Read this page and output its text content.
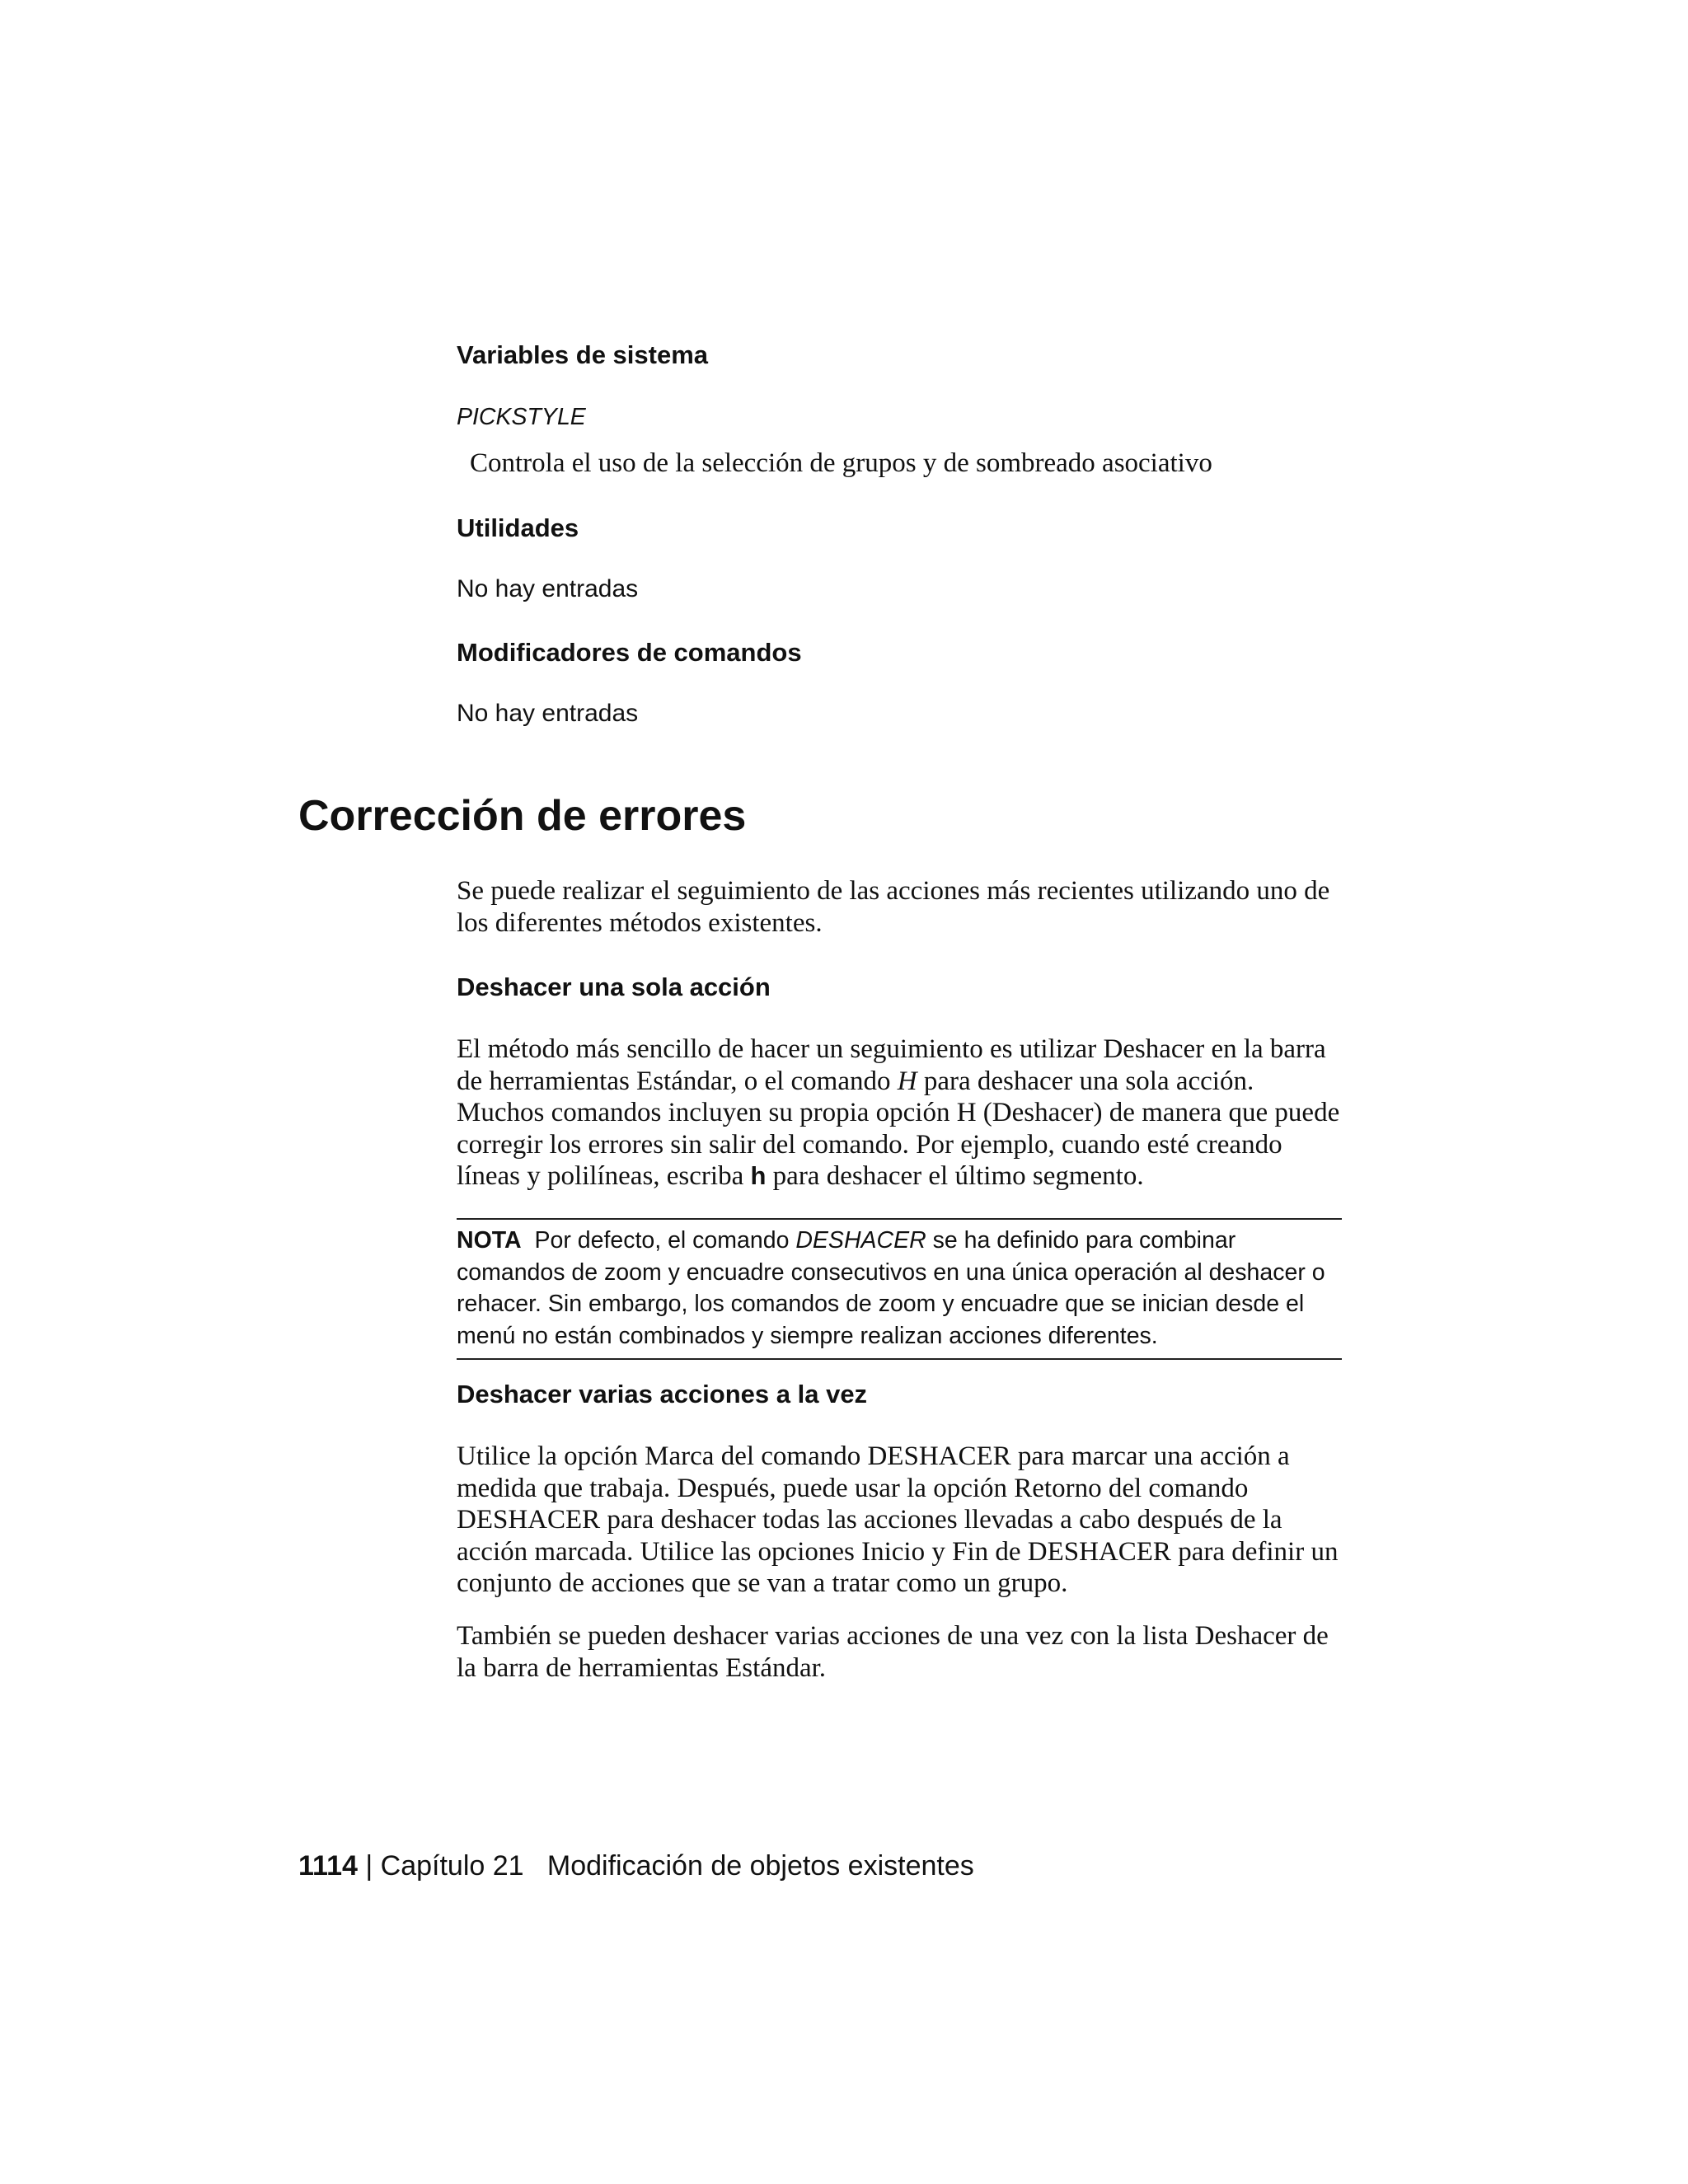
Variables de sistema

PICKSTYLE

Controla el uso de la selección de grupos y de sombreado asociativo

Utilidades

No hay entradas

Modificadores de comandos

No hay entradas

Corrección de errores

Se puede realizar el seguimiento de las acciones más recientes utilizando uno de los diferentes métodos existentes.

Deshacer una sola acción

El método más sencillo de hacer un seguimiento es utilizar Deshacer en la barra de herramientas Estándar, o el comando H para deshacer una sola acción. Muchos comandos incluyen su propia opción H (Deshacer) de manera que puede corregir los errores sin salir del comando. Por ejemplo, cuando esté creando líneas y polilíneas, escriba h para deshacer el último segmento.

NOTA Por defecto, el comando DESHACER se ha definido para combinar comandos de zoom y encuadre consecutivos en una única operación al deshacer o rehacer. Sin embargo, los comandos de zoom y encuadre que se inician desde el menú no están combinados y siempre realizan acciones diferentes.

Deshacer varias acciones a la vez

Utilice la opción Marca del comando DESHACER para marcar una acción a medida que trabaja. Después, puede usar la opción Retorno del comando DESHACER para deshacer todas las acciones llevadas a cabo después de la acción marcada. Utilice las opciones Inicio y Fin de DESHACER para definir un conjunto de acciones que se van a tratar como un grupo.

También se pueden deshacer varias acciones de una vez con la lista Deshacer de la barra de herramientas Estándar.

1114 | Capítulo 21 Modificación de objetos existentes
